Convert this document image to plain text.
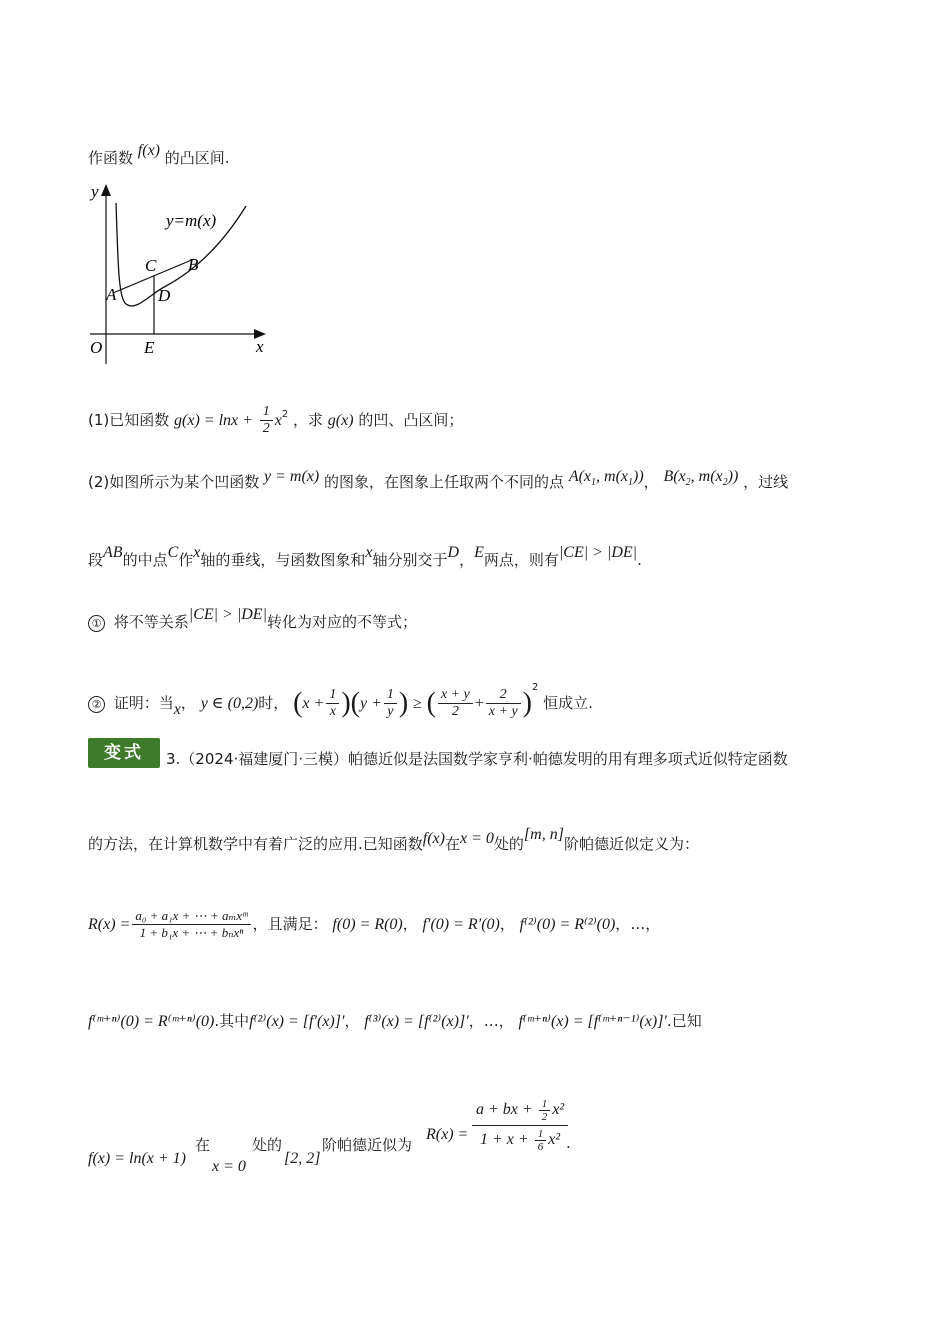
作函数 f(x) 的凸区间.
y
x
O
y=m(x)
A
B
C
D
E
(1)已知函数 $g(x) = \ln x + \frac{1}{2} x^2$ ，求 g(x) 的凹、凸区间；
(2)如图所示为某个凹函数 y = m(x) 的图象，在图象上任取两个不同的点 $A(x_1$, $m(x_1)$)， $B(x_2$, $m(x_2)$) ，过线
段AB的中点C作x轴的垂线，与函数图象和x轴分别交于D，E两点，则有|CE| > |DE|.
① 将不等关系|CE| > |DE|转化为对应的不等式；
② 证明：当x， y ∈ (0,2)时， $(x + \frac{1}{x} )(y + \frac{1}{y}$ ) ≥ ( $\frac{x + y}{2} + \frac{2}{x + y} )^2$ 恒成立.
变式	3.（2024·福建厦门·三模）帕德近似是法国数学家亨利·帕德发明的用有理多项式近似特定函数
的方法，在计算机数学中有着广泛的应用.已知函数f(x)在x = 0处的[m, n]阶帕德近似定义为：
$R(x) = \frac{\text{a₀ + a₁x + ⋯ + aₘxᵐ}}{\text{1 + b₁x + ⋯ + bₙxⁿ}}$ ，且满足： f(0) = R(0)， f′(0) = R′(0)， f⁽²⁾(0) = R⁽²⁾(0)，…，
f⁽ᵐ⁺ⁿ⁾(0) = R⁽ᵐ⁺ⁿ⁾(0).其中f⁽²⁾(x) = [f′(x)]′， f⁽³⁾(x) = [f⁽²⁾(x)]′，…， f⁽ᵐ⁺ⁿ⁾(x) = [f⁽ᵐ⁺ⁿ⁻¹⁾(x)]′.已知
f(x) = ln(x + 1)
在
x = 0
处的
[2, 2]
阶帕德近似为
R(x) =
a + bx + $\frac{1}{2} x^2$
$1 + x + \frac{1}{6} x^2$ .
